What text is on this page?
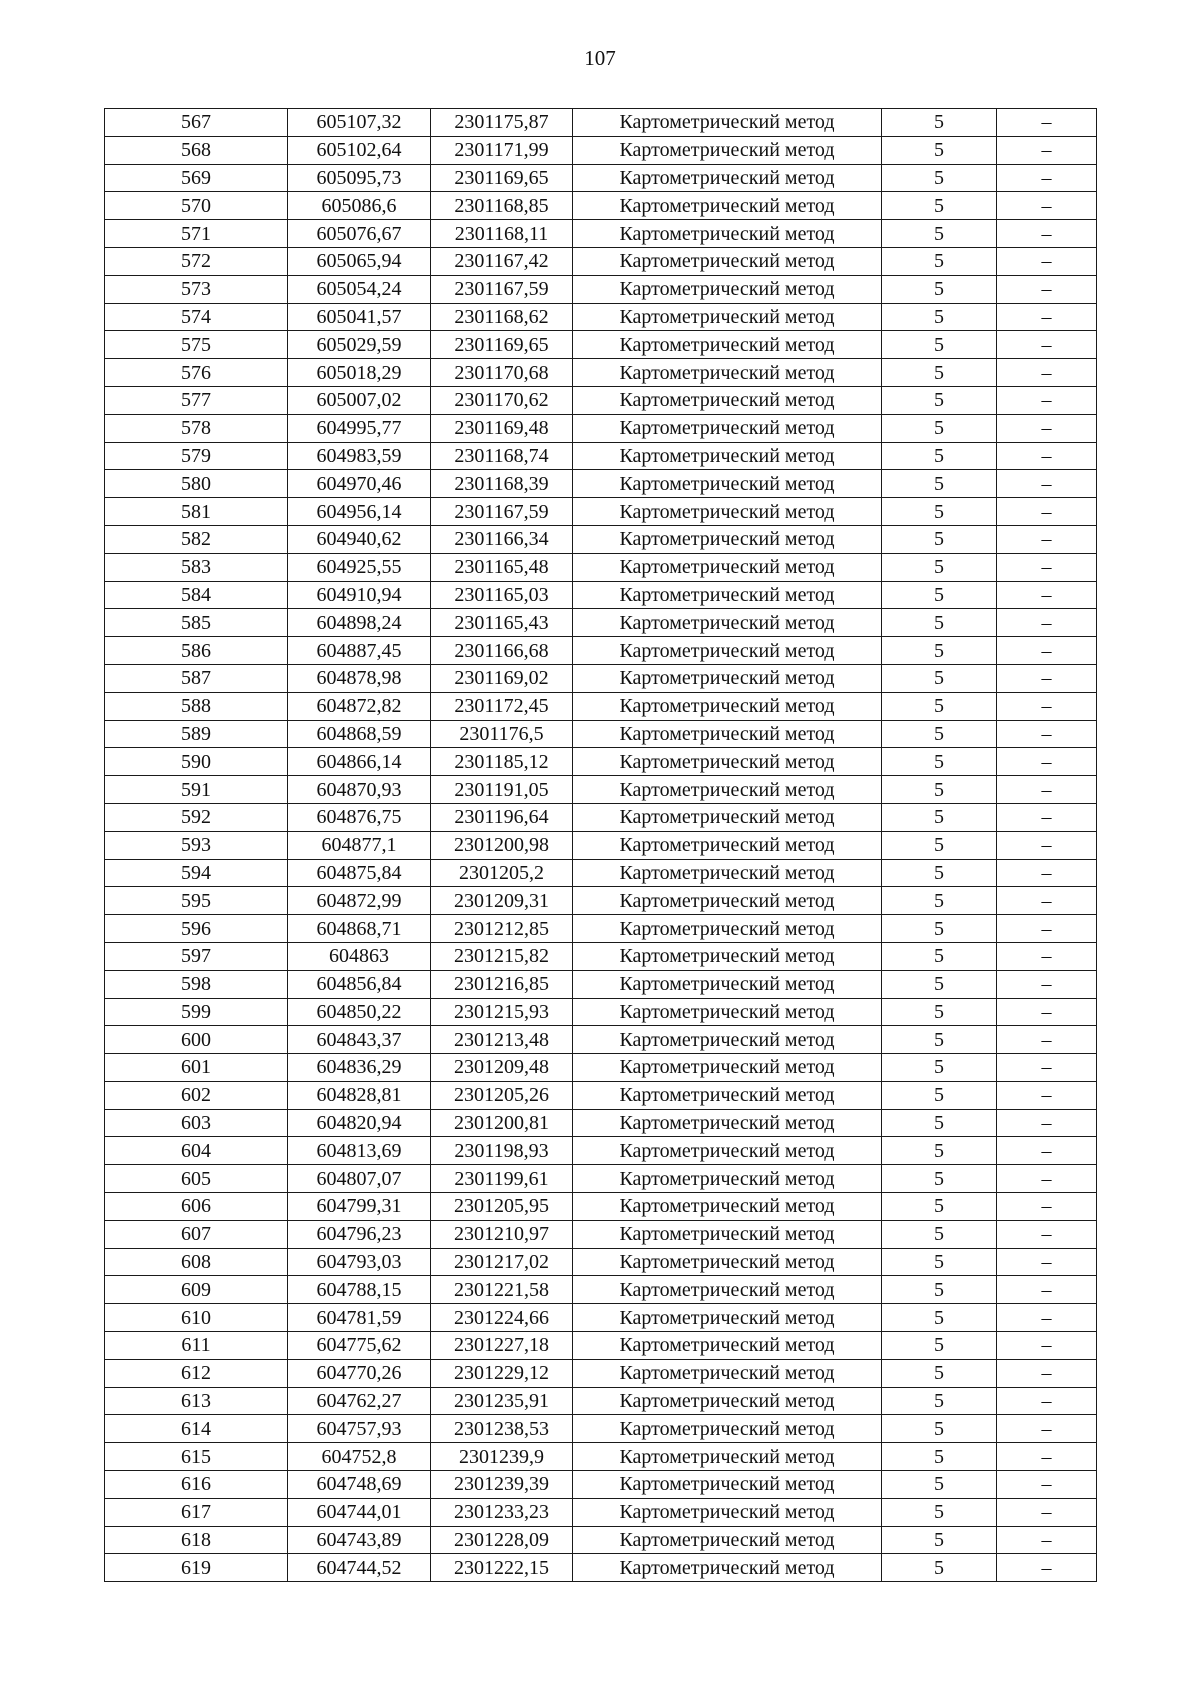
107
567	605107,32	2301175,87	Картометрический метод	5	–
568	605102,64	2301171,99	Картометрический метод	5	–
569	605095,73	2301169,65	Картометрический метод	5	–
570	605086,6	2301168,85	Картометрический метод	5	–
571	605076,67	2301168,11	Картометрический метод	5	–
572	605065,94	2301167,42	Картометрический метод	5	–
573	605054,24	2301167,59	Картометрический метод	5	–
574	605041,57	2301168,62	Картометрический метод	5	–
575	605029,59	2301169,65	Картометрический метод	5	–
576	605018,29	2301170,68	Картометрический метод	5	–
577	605007,02	2301170,62	Картометрический метод	5	–
578	604995,77	2301169,48	Картометрический метод	5	–
579	604983,59	2301168,74	Картометрический метод	5	–
580	604970,46	2301168,39	Картометрический метод	5	–
581	604956,14	2301167,59	Картометрический метод	5	–
582	604940,62	2301166,34	Картометрический метод	5	–
583	604925,55	2301165,48	Картометрический метод	5	–
584	604910,94	2301165,03	Картометрический метод	5	–
585	604898,24	2301165,43	Картометрический метод	5	–
586	604887,45	2301166,68	Картометрический метод	5	–
587	604878,98	2301169,02	Картометрический метод	5	–
588	604872,82	2301172,45	Картометрический метод	5	–
589	604868,59	2301176,5	Картометрический метод	5	–
590	604866,14	2301185,12	Картометрический метод	5	–
591	604870,93	2301191,05	Картометрический метод	5	–
592	604876,75	2301196,64	Картометрический метод	5	–
593	604877,1	2301200,98	Картометрический метод	5	–
594	604875,84	2301205,2	Картометрический метод	5	–
595	604872,99	2301209,31	Картометрический метод	5	–
596	604868,71	2301212,85	Картометрический метод	5	–
597	604863	2301215,82	Картометрический метод	5	–
598	604856,84	2301216,85	Картометрический метод	5	–
599	604850,22	2301215,93	Картометрический метод	5	–
600	604843,37	2301213,48	Картометрический метод	5	–
601	604836,29	2301209,48	Картометрический метод	5	–
602	604828,81	2301205,26	Картометрический метод	5	–
603	604820,94	2301200,81	Картометрический метод	5	–
604	604813,69	2301198,93	Картометрический метод	5	–
605	604807,07	2301199,61	Картометрический метод	5	–
606	604799,31	2301205,95	Картометрический метод	5	–
607	604796,23	2301210,97	Картометрический метод	5	–
608	604793,03	2301217,02	Картометрический метод	5	–
609	604788,15	2301221,58	Картометрический метод	5	–
610	604781,59	2301224,66	Картометрический метод	5	–
611	604775,62	2301227,18	Картометрический метод	5	–
612	604770,26	2301229,12	Картометрический метод	5	–
613	604762,27	2301235,91	Картометрический метод	5	–
614	604757,93	2301238,53	Картометрический метод	5	–
615	604752,8	2301239,9	Картометрический метод	5	–
616	604748,69	2301239,39	Картометрический метод	5	–
617	604744,01	2301233,23	Картометрический метод	5	–
618	604743,89	2301228,09	Картометрический метод	5	–
619	604744,52	2301222,15	Картометрический метод	5	–
